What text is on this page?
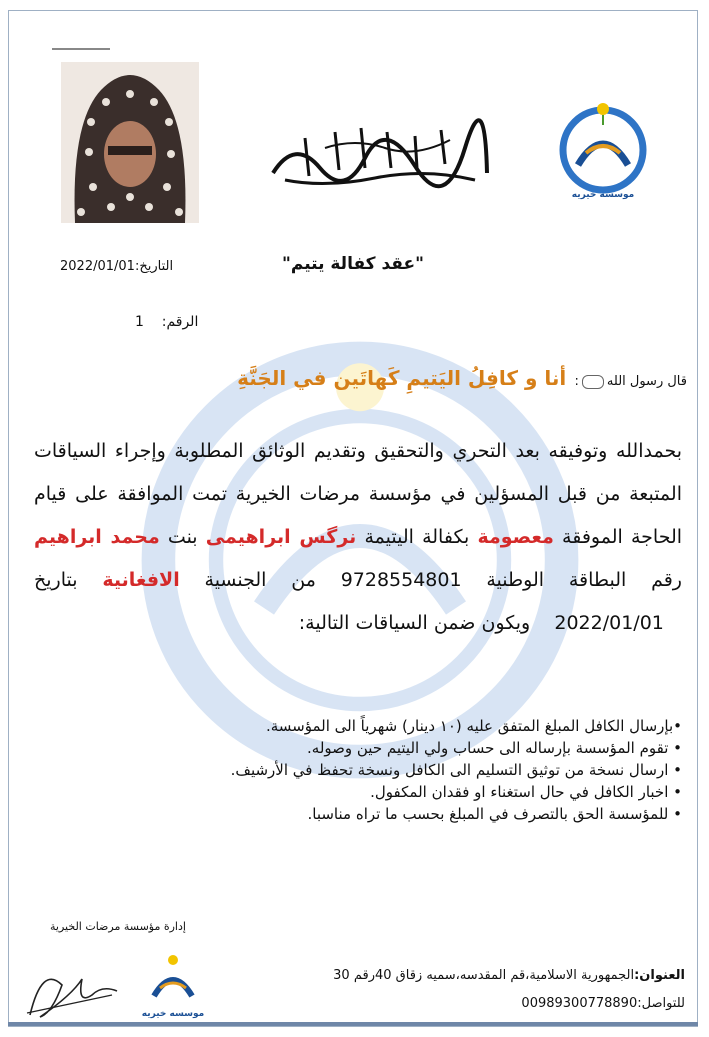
موسسه خيريه
"عقد كفالة يتيم"
التاريخ:2022/01/01
1 الرقم:
قال رسول الله:  أنا و كافِلُ اليَتيمِ كَهاتَين في الجَنَّةِ
بحمدالله وتوفيقه بعد التحري والتحقيق وتقديم الوثائق المطلوبة وإجراء السياقات المتبعة من قبل المسؤلين في مؤسسة مرضات الخيرية تمت الموافقة على قيام الحاجة الموفقة معصومة بكفالة اليتيمة نرگس ابراهيمى بنت محمد ابراهيم رقم البطاقة الوطنية 9728554801 من الجنسية الافغانية بتاريخ    2022/01/01    ويكون ضمن السياقات التالية:
•بإرسال الكافل المبلغ المتفق عليه (١٠ دينار) شهرياً الى المؤسسة.
• تقوم المؤسسة بإرساله الى حساب ولي اليتيم حين وصوله.
• ارسال نسخة من توثيق التسليم الى الكافل ونسخة تحفظ في الأرشيف.
• اخبار الكافل في حال استغناء او فقدان المكفول.
• للمؤسسة الحق بالتصرف في المبلغ بحسب ما تراه مناسبا.
إدارة مؤسسة مرضات الخيرية
موسسه خيريه
العنوان:الجمهورية الاسلامية،قم المقدسه،سميه زقاق 40رقم 30
للتواصل:00989300778890
